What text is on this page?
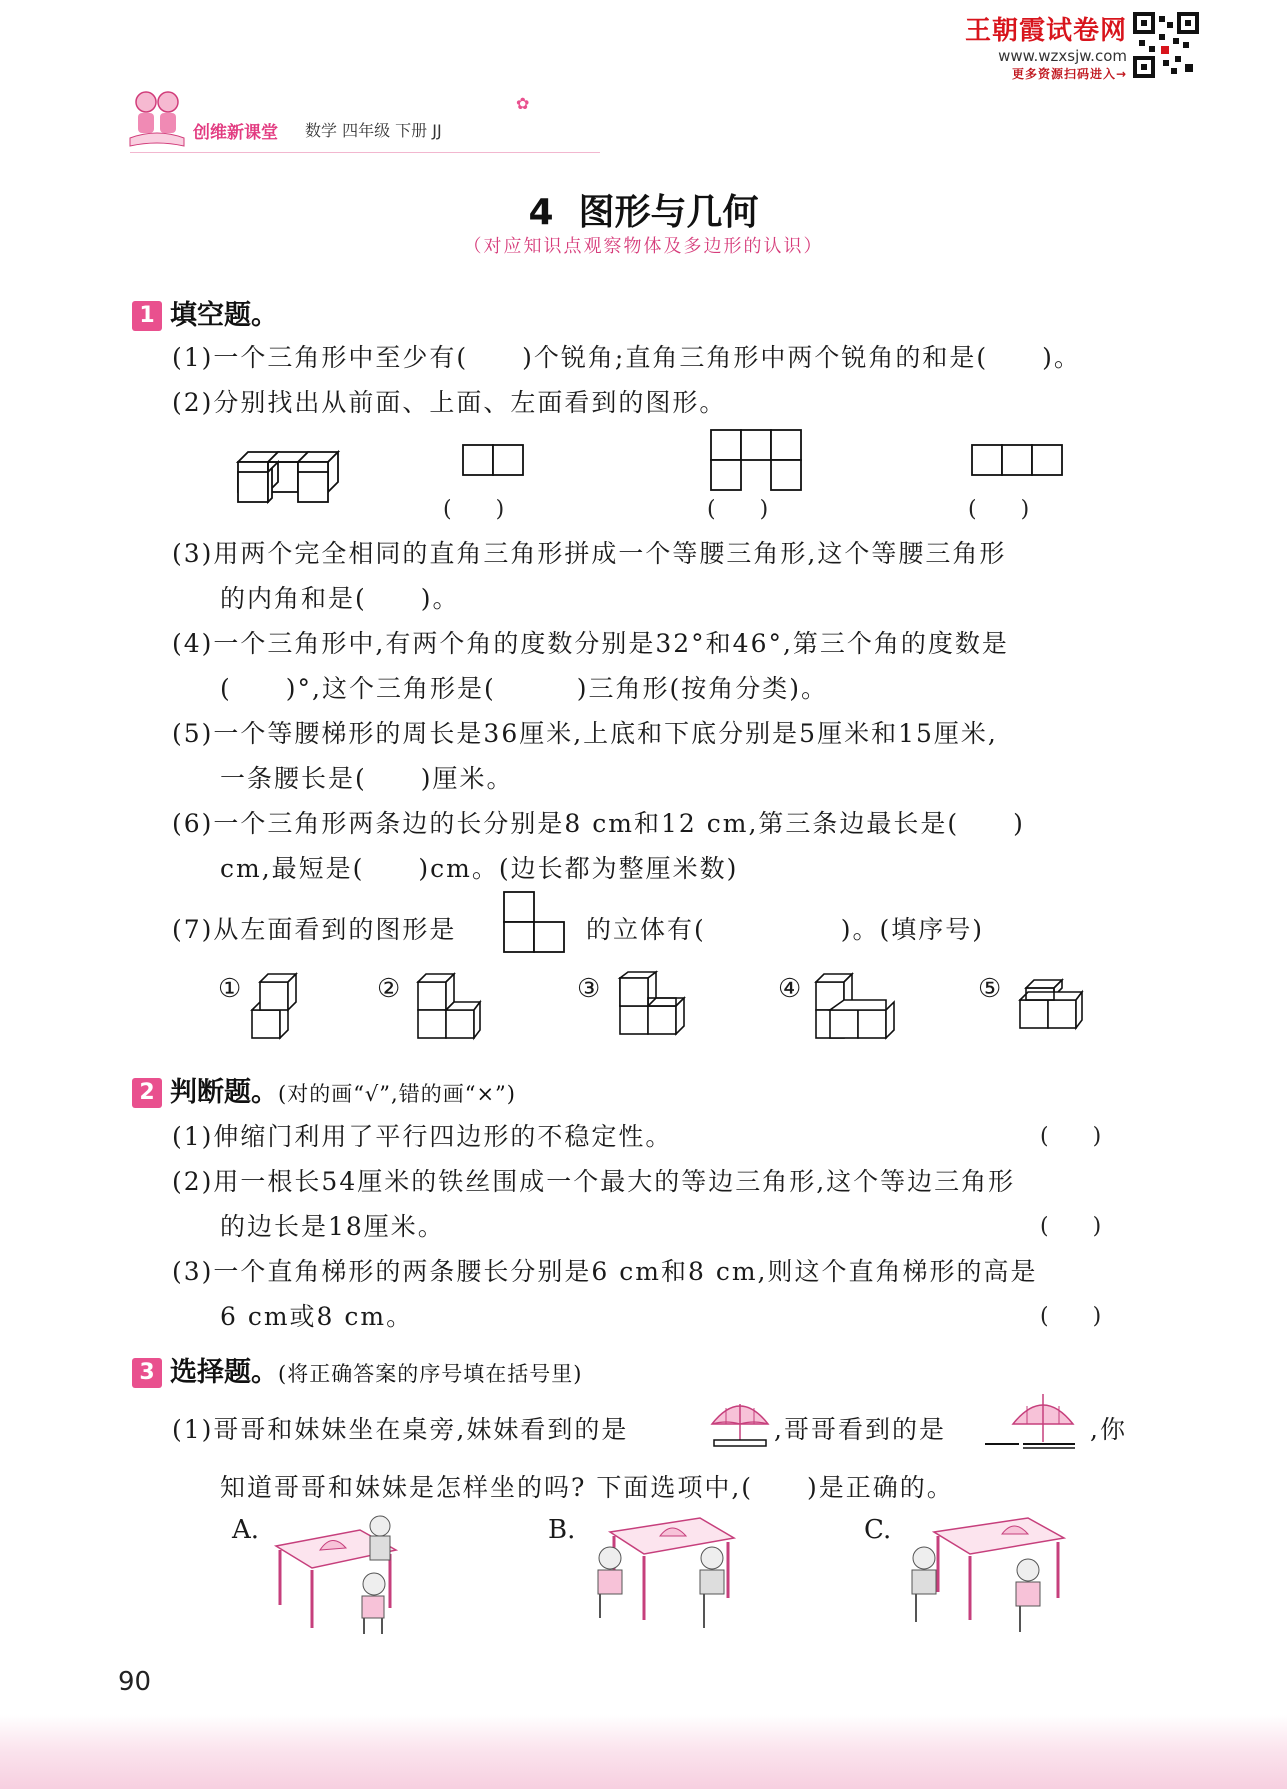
创维新课堂 数学 四年级 下册 JJ
✿
王朝霞试卷网
www.wzxsjw.com
更多资源扫码进入→
4  图形与几何
（对应知识点观察物体及多边形的认识）
1 填空题。
(1)一个三角形中至少有(　　)个锐角;直角三角形中两个锐角的和是(　　)。
(2)分别找出从前面、上面、左面看到的图形。
(　　)	(　　)	(　　)
(3)用两个完全相同的直角三角形拼成一个等腰三角形,这个等腰三角形
的内角和是(　　)。
(4)一个三角形中,有两个角的度数分别是32°和46°,第三个角的度数是
(　　)°,这个三角形是(　　　)三角形(按角分类)。
(5)一个等腰梯形的周长是36厘米,上底和下底分别是5厘米和15厘米,
一条腰长是(　　)厘米。
(6)一个三角形两条边的长分别是8 cm和12 cm,第三条边最长是(　　)
cm,最短是(　　)cm。(边长都为整厘米数)
(7)从左面看到的图形是	的立体有(　　　　　)。(填序号)
①	②	③	④	⑤
2 判断题。(对的画“√”,错的画“×”)
(1)伸缩门利用了平行四边形的不稳定性。	(　　)
(2)用一根长54厘米的铁丝围成一个最大的等边三角形,这个等边三角形
的边长是18厘米。	(　　)
(3)一个直角梯形的两条腰长分别是6 cm和8 cm,则这个直角梯形的高是
6 cm或8 cm。	(　　)
3 选择题。(将正确答案的序号填在括号里)
(1)哥哥和妹妹坐在桌旁,妹妹看到的是	,哥哥看到的是	,你
知道哥哥和妹妹是怎样坐的吗? 下面选项中,(　　)是正确的。
A.	B.	C.
90
